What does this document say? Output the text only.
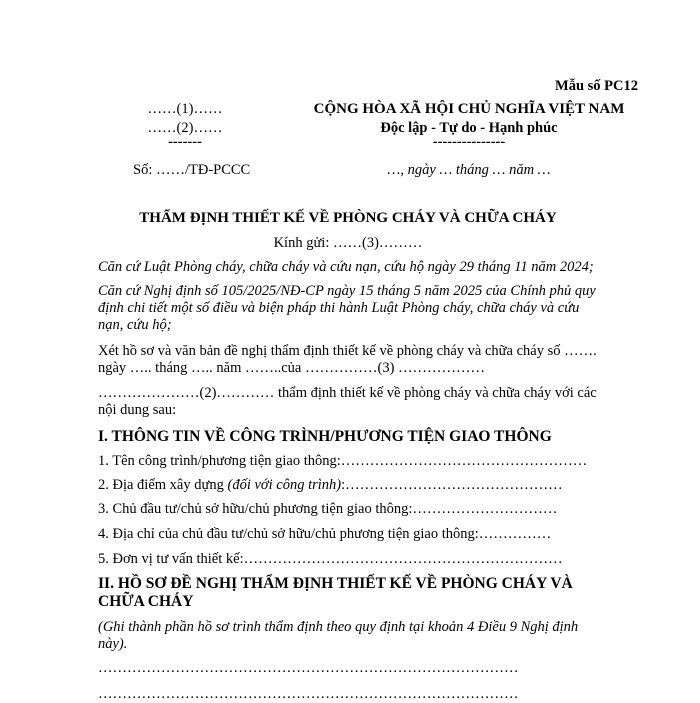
Mẫu số PC12
……(1)……
……(2)……
-------
Số: ……/TĐ-PCCC
CỘNG HÒA XÃ HỘI CHỦ NGHĨA VIỆT NAM
Độc lập - Tự do - Hạnh phúc
---------------
…, ngày … tháng … năm …
THẨM ĐỊNH THIẾT KẾ VỀ PHÒNG CHÁY VÀ CHỮA CHÁY
Kính gửi: ……(3)………
Căn cứ Luật Phòng cháy, chữa cháy và cứu nạn, cứu hộ ngày 29 tháng 11 năm 2024;
Căn cứ Nghị định số 105/2025/NĐ-CP ngày 15 tháng 5 năm 2025 của Chính phủ quy định chi tiết một số điều và biện pháp thi hành Luật Phòng cháy, chữa cháy và cứu nạn, cứu hộ;
Xét hồ sơ và văn bản đề nghị thẩm định thiết kế về phòng cháy và chữa cháy số ……. ngày ….. tháng ….. năm ……..của ……………(3) ………………
…………………(2)………… thẩm định thiết kế về phòng cháy và chữa cháy với các nội dung sau:
I. THÔNG TIN VỀ CÔNG TRÌNH/PHƯƠNG TIỆN GIAO THÔNG
1. Tên công trình/phương tiện giao thông:……………………………………………
2. Địa điểm xây dựng (đối với công trình):………………………………………
3. Chủ đầu tư/chủ sở hữu/chủ phương tiện giao thông:…………………………
4. Địa chỉ của chủ đầu tư/chủ sở hữu/chủ phương tiện giao thông:……………
5. Đơn vị tư vấn thiết kế:…………………………………………………………
II. HỒ SƠ ĐỀ NGHỊ THẨM ĐỊNH THIẾT KẾ VỀ PHÒNG CHÁY VÀ CHỮA CHÁY
(Ghi thành phần hồ sơ trình thẩm định theo quy định tại khoản 4 Điều 9 Nghị định này).
……………………………………………………………………………
……………………………………………………………………………
